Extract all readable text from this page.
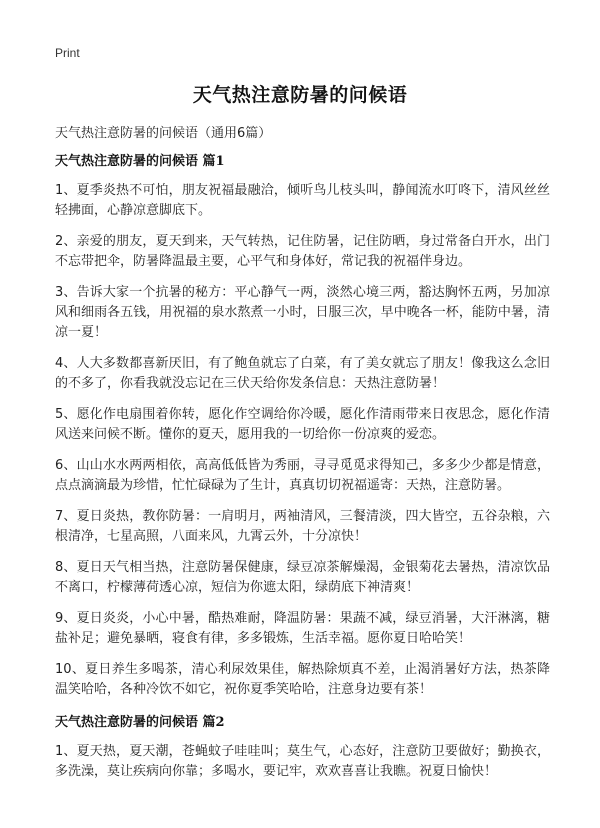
Print
天气热注意防暑的问候语
天气热注意防暑的问候语（通用6篇）
天气热注意防暑的问候语 篇1

1、夏季炎热不可怕，朋友祝福最融洽，倾听鸟儿枝头叫，静闻流水叮咚下，清风丝丝轻拂面，心静凉意脚底下。

2、亲爱的朋友，夏天到来，天气转热，记住防暑，记住防晒，身过常备白开水，出门不忘带把伞，防暑降温最主要，心平气和身体好，常记我的祝福伴身边。

3、告诉大家一个抗暑的秘方：平心静气一两，淡然心境三两，豁达胸怀五两，另加凉风和细雨各五钱，用祝福的泉水熬煮一小时，日服三次，早中晚各一杯，能防中暑，清凉一夏！

4、人大多数都喜新厌旧，有了鲍鱼就忘了白菜，有了美女就忘了朋友！像我这么念旧的不多了，你看我就没忘记在三伏天给你发条信息：天热注意防暑！

5、愿化作电扇围着你转，愿化作空调给你冷暖，愿化作清雨带来日夜思念，愿化作清风送来问候不断。懂你的夏天，愿用我的一切给你一份凉爽的爱恋。

6、山山水水两两相依，高高低低皆为秀丽，寻寻觅觅求得知己，多多少少都是情意，点点滴滴最为珍惜，忙忙碌碌为了生计，真真切切祝福遥寄：天热，注意防暑。

7、夏日炎热，教你防暑：一肩明月，两袖清风，三餐清淡，四大皆空，五谷杂粮，六根清净，七星高照，八面来风，九霄云外，十分凉快！

8、夏日天气相当热，注意防暑保健康，绿豆凉茶解燥渴，金银菊花去暑热，清凉饮品不离口，柠檬薄荷透心凉，短信为你遮太阳，绿荫底下神清爽！

9、夏日炎炎，小心中暑，酷热难耐，降温防暑：果蔬不减，绿豆消暑，大汗淋漓，糖盐补足；避免暴晒，寝食有律，多多锻炼，生活幸福。愿你夏日哈哈笑！

10、夏日养生多喝茶，清心利尿效果佳，解热除烦真不差，止渴消暑好方法，热茶降温笑哈哈，各种冷饮不如它，祝你夏季笑哈哈，注意身边要有茶！

天气热注意防暑的问候语 篇2

1、夏天热，夏天潮，苍蝇蚊子哇哇叫；莫生气，心态好，注意防卫要做好；勤换衣，多洗澡，莫让疾病向你靠；多喝水，要记牢，欢欢喜喜让我瞧。祝夏日愉快！
